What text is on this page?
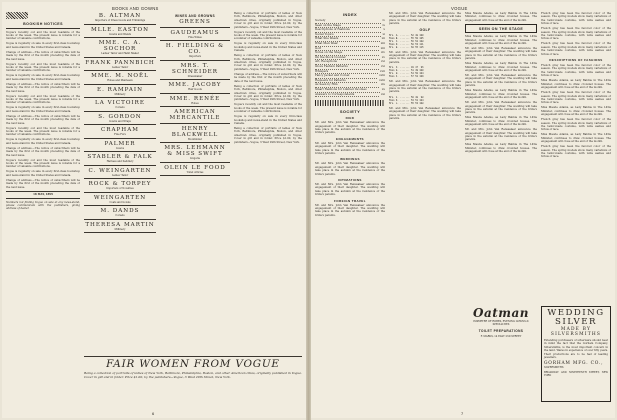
BOOKS AND GOWNS
BOOKISH NOTICES

Vogue's recently out and the most readable of the books of the week. The present issue is notable for a number of valuable contributions.

Vogue is regularly on sale in every first-class bookshop and news-stand in the United States and Canada.

Change of address.—The notice of subscribers will be made by the first of the month preceding the date of the next issue.

Vogue's recently out and the most readable of the books of the week. The present issue is notable for a number of valuable contributions.

Vogue is regularly on sale in every first-class bookshop and news-stand in the United States and Canada.

Change of address.—The notice of subscribers will be made by the first of the month preceding the date of the next issue.

Vogue's recently out and the most readable of the books of the week. The present issue is notable for a number of valuable contributions.

Vogue is regularly on sale in every first-class bookshop and news-stand in the United States and Canada.

Change of address.—The notice of subscribers will be made by the first of the month preceding the date of the next issue.

Vogue's recently out and the most readable of the books of the week. The present issue is notable for a number of valuable contributions.

Vogue is regularly on sale in every first-class bookshop and news-stand in the United States and Canada.

Change of address.—The notice of subscribers will be made by the first of the month preceding the date of the next issue.

Vogue's recently out and the most readable of the books of the week. The present issue is notable for a number of valuable contributions.

Vogue is regularly on sale in every first-class bookshop and news-stand in the United States and Canada.

Change of address.—The notice of subscribers will be made by the first of the month preceding the date of the next issue.

18 MAY, 1899
Numbers not finding Vogue on sale at any news-stand, please communicate with the publishers, giving address of dealer.
B. ALTMAN
Importers of Dress Goods and Trimmings
MLLE. EASTON
Gowns and Waists
MME. C. A. SOCHOR
Ladies' Tailor and Habit Maker
FRANK PANNBICH
Ladies' Tailor
MME. M. NOËL
Robes and Manteaux
E. RAMPAIN
Millinery
LA VICTOIRE
Corsets
S. GORDON
Gowns and Wraps
CRAPHAM
Fine Furs
PALMER
Gowns
STABLER & FALK
Harness and Saddlery
C. WEINGARTEN
Ladies' Tailor
ROCK & TORPEY
Importers of Novelties
WEINGARTEN
Coats and Gowns
M. DANDS
Corsets
THERESA MARTIN
Millinery
WINES AND GROWNS
GREENS
GAUDEAMUS
Fine Wines
H. FIELDING & CO.
Importers
MRS. T. SCHNEIDER
Dressmaker
MME. JACOBY
Hair Goods
MME. RENÉE
Robes
AMERICAN MERCANTILE
HENRY BLACKWELL
Bookbinder
MRS. LEHMANN & MISS SWIFT
Lingerie
OLEIN LE FOOD
Toilet Articles

Being a collection of portraits of ladies of New York, Baltimore, Philadelphia, Boston, and other American cities, originally published in Vogue. Cover in gilt and in folder. Price $1.00, by the publishers—Vogue, 3 West 29th Street, New York.

Vogue's recently out and the most readable of the books of the week. The present issue is notable for a number of valuable contributions.

Vogue is regularly on sale in every first-class bookshop and news-stand in the United States and Canada.

Being a collection of portraits of ladies of New York, Baltimore, Philadelphia, Boston, and other American cities, originally published in Vogue. Cover in gilt and in folder. Price $1.00, by the publishers—Vogue, 3 West 29th Street, New York.

Change of address.—The notice of subscribers will be made by the first of the month preceding the date of the next issue.

Being a collection of portraits of ladies of New York, Baltimore, Philadelphia, Boston, and other American cities, originally published in Vogue. Cover in gilt and in folder. Price $1.00, by the publishers—Vogue, 3 West 29th Street, New York.

Vogue's recently out and the most readable of the books of the week. The present issue is notable for a number of valuable contributions.

Vogue is regularly on sale in every first-class bookshop and news-stand in the United States and Canada.

Being a collection of portraits of ladies of New York, Baltimore, Philadelphia, Boston, and other American cities, originally published in Vogue. Cover in gilt and in folder. Price $1.00, by the publishers—Vogue, 3 West 29th Street, New York.

FAIR WOMEN FROM VOGUE
Being a collection of portraits of ladies of New York, Baltimore, Philadelphia, Boston, and other American cities, originally published in Vogue. Cover in gilt and in folder. Price $1.00, by the publishers—Vogue, 3 West 29th Street, New York.
6
VOGUE
INDEX
Society	iv
Seen on the Stage	ix
Descriptions of Fashions	x
Social Topics	xi
What She Wears	xii
What Men Wear	xiii
Golf	xiii
Notes on the Stage	xiv
On the Stock Counter	xv
Art, Receptions	xvi
Glove Fashion Patterns	xvi
Whispers	xvii
Fancy Jacket and Corset	xviii
Requests for Patterns	xviii
As Seen by Him	xix
Smart Fashions for Limited Incomes	xx
Answers to Correspondents	xxi
SOCIETY
DIED
Mr. and Mrs. John Van Renssalaer announce the engagement of their daughter. The wedding will take place in the autumn at the residence of the bride's parents.
ENGAGEMENTS
Mr. and Mrs. John Van Renssalaer announce the engagement of their daughter. The wedding will take place in the autumn at the residence of the bride's parents.
WEDDINGS
Mr. and Mrs. John Van Renssalaer announce the engagement of their daughter. The wedding will take place in the autumn at the residence of the bride's parents.
INTIMATIONS
Mr. and Mrs. John Van Renssalaer announce the engagement of their daughter. The wedding will take place in the autumn at the residence of the bride's parents.
FOREIGN TRAVEL
Mr. and Mrs. John Van Renssalaer announce the engagement of their daughter. The wedding will take place in the autumn at the residence of the bride's parents.
Mr. and Mrs. John Van Renssalaer announce the engagement of their daughter. The wedding will take place in the autumn at the residence of the bride's parents.
GOLF
Mrs. A. ....... 52 48 100
Miss B. ....... 55 50 105
Mrs. C. ....... 56 52 108
Miss D. ....... 58 53 111
Mrs. E. ....... 60 55 115
Mr. and Mrs. John Van Renssalaer announce the engagement of their daughter. The wedding will take place in the autumn at the residence of the bride's parents.
Mrs. F. ....... 49 47  96
Miss G. ....... 51 49 100
Mrs. H. ....... 54 50 104
Miss I. ....... 57 52 109
Mr. and Mrs. John Van Renssalaer announce the engagement of their daughter. The wedding will take place in the autumn at the residence of the bride's parents.
Mrs. J. ....... 50 48  98
Miss K. ....... 53 51 104
Mrs. L. ....... 55 53 108
Mr. and Mrs. John Van Renssalaer announce the engagement of their daughter. The wedding will take place in the autumn at the residence of the bride's parents.
Miss Maude Adams, as Lady Babbie in The Little Minister, continues to draw crowded houses. The engagement will close at the end of the month.
SEEN ON THE STAGE

Miss Maude Adams, as Lady Babbie in The Little Minister, continues to draw crowded houses. The engagement will close at the end of the month.

Mr. and Mrs. John Van Renssalaer announce the engagement of their daughter. The wedding will take place in the autumn at the residence of the bride's parents.

Miss Maude Adams, as Lady Babbie in The Little Minister, continues to draw crowded houses. The engagement will close at the end of the month.

Mr. and Mrs. John Van Renssalaer announce the engagement of their daughter. The wedding will take place in the autumn at the residence of the bride's parents.

Miss Maude Adams, as Lady Babbie in The Little Minister, continues to draw crowded houses. The engagement will close at the end of the month.

Mr. and Mrs. John Van Renssalaer announce the engagement of their daughter. The wedding will take place in the autumn at the residence of the bride's parents.

Miss Maude Adams, as Lady Babbie in The Little Minister, continues to draw crowded houses. The engagement will close at the end of the month.

Mr. and Mrs. John Van Renssalaer announce the engagement of their daughter. The wedding will take place in the autumn at the residence of the bride's parents.

Miss Maude Adams, as Lady Babbie in The Little Minister, continues to draw crowded houses. The engagement will close at the end of the month.

French gray has been the favored color of the season. The spring models show many variations of the tailor-made costume, with wide sashes and fichus of lace.

French gray has been the favored color of the season. The spring models show many variations of the tailor-made costume, with wide sashes and fichus of lace.

French gray has been the favored color of the season. The spring models show many variations of the tailor-made costume, with wide sashes and fichus of lace.

DESCRIPTIONS OF FASHIONS

French gray has been the favored color of the season. The spring models show many variations of the tailor-made costume, with wide sashes and fichus of lace.

Miss Maude Adams, as Lady Babbie in The Little Minister, continues to draw crowded houses. The engagement will close at the end of the month.

French gray has been the favored color of the season. The spring models show many variations of the tailor-made costume, with wide sashes and fichus of lace.

Miss Maude Adams, as Lady Babbie in The Little Minister, continues to draw crowded houses. The engagement will close at the end of the month.

French gray has been the favored color of the season. The spring models show many variations of the tailor-made costume, with wide sashes and fichus of lace.

Miss Maude Adams, as Lady Babbie in The Little Minister, continues to draw crowded houses. The engagement will close at the end of the month.

French gray has been the favored color of the season. The spring models show many variations of the tailor-made costume, with wide sashes and fichus of lace.

Oatman
IMPORTER OF ROBES, EVENING GOWNS & SPECIALTIES
TOILET PREPARATIONS
F. MARKS, 14 EAST 23D STREET
WEDDING SILVER
MADE BY SILVERSMITHS
Extending purchasers of silverware should bear in mind the fact that the Gorham Company, Silversmiths, is the most important concern in the land. Wares in experience of over fifty years. Their productions are to be had of leading jewellers.
GORHAM MFG. CO.,
SILVERSMITHS
BROADWAY AND NINETEENTH STREET, NEW YORK
7
